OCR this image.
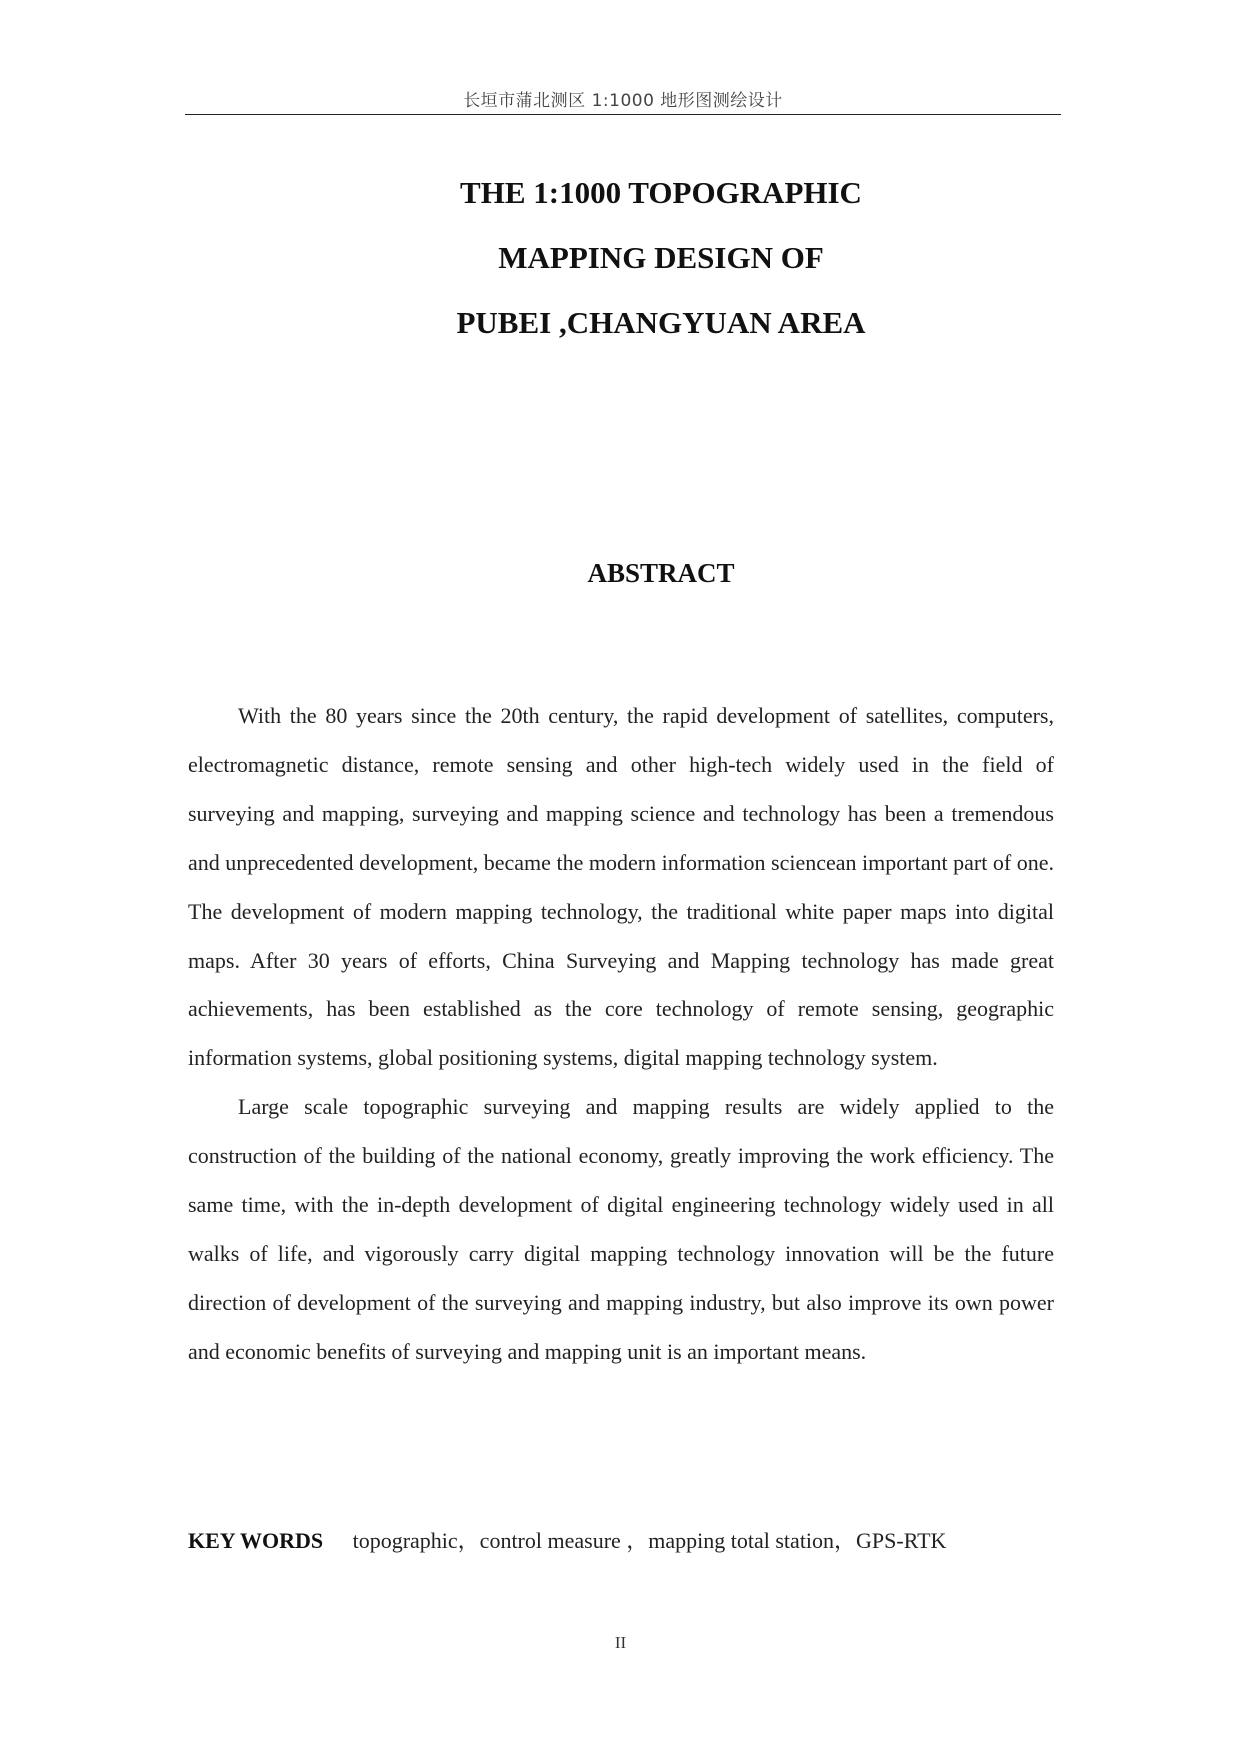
长垣市蒲北测区 1:1000 地形图测绘设计

THE 1:1000 TOPOGRAPHIC

MAPPING DESIGN OF

PUBEI ,CHANGYUAN AREA

ABSTRACT

With the 80 years since the 20th century, the rapid development of satellites, computers, electromagnetic distance, remote sensing and other high-tech widely used in the field of surveying and mapping, surveying and mapping science and technology has been a tremendous and unprecedented development, became the modern information sciencean important part of one. The development of modern mapping technology, the traditional white paper maps into digital maps. After 30 years of efforts, China Surveying and Mapping technology has made great achievements, has been established as the core technology of remote sensing, geographic information systems, global positioning systems, digital mapping technology system.

Large scale topographic surveying and mapping results are widely applied to the construction of the building of the national economy, greatly improving the work efficiency. The same time, with the in-depth development of digital engineering technology widely used in all walks of life, and vigorously carry digital mapping technology innovation will be the future direction of development of the surveying and mapping industry, but also improve its own power and economic benefits of surveying and mapping unit is an important means.

KEY WORDS topographic，control measure ，mapping total station，GPS-RTK
II
